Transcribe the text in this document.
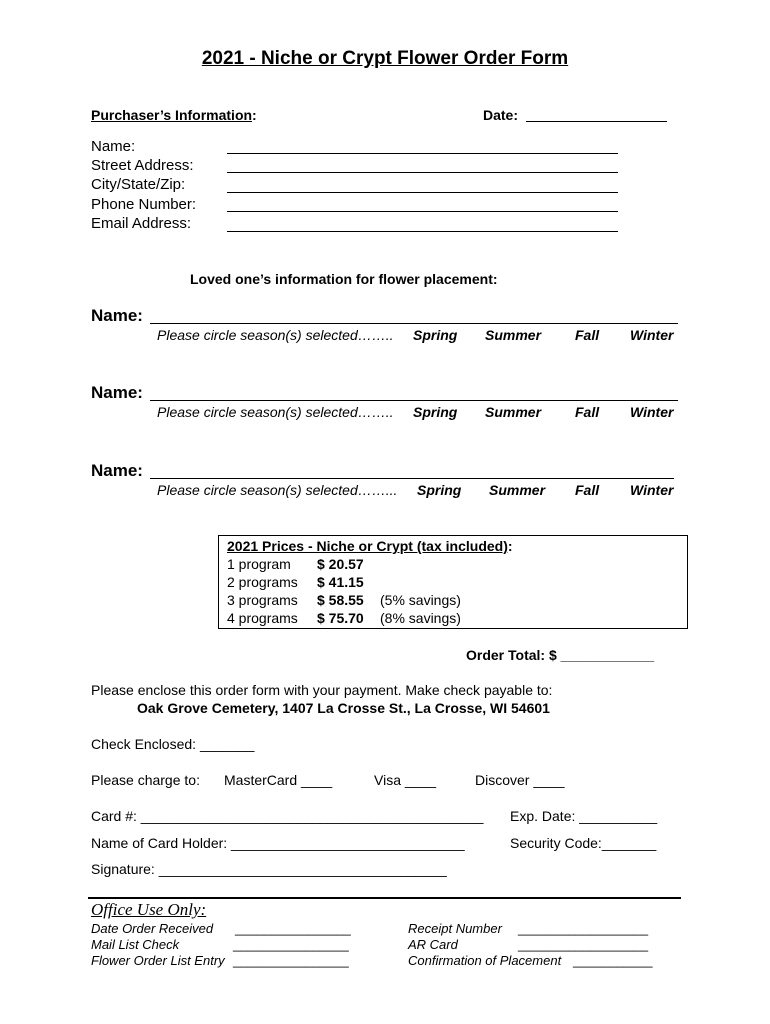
2021 - Niche or Crypt Flower Order Form
Purchaser’s Information:	Date:
Name:
Street Address:
City/State/Zip:
Phone Number:
Email Address:
Loved one’s information for flower placement:
Name:
Please circle season(s) selected…….. Spring Summer Fall Winter
Name:
Please circle season(s) selected…….. Spring Summer Fall Winter
Name:
Please circle season(s) selected……... Spring Summer Fall Winter
2021 Prices - Niche or Crypt (tax included):
1 program $ 20.57
2 programs $ 41.15
3 programs $ 58.55 (5% savings)
4 programs $ 75.70 (8% savings)
Order Total: $ ____________
Please enclose this order form with your payment. Make check payable to:
Oak Grove Cemetery, 1407 La Crosse St., La Crosse, WI 54601
Check Enclosed: _______
Please charge to: MasterCard ____	Visa ____	Discover ____
Card #: ____________________________________________ Exp. Date: __________
Name of Card Holder: ______________________________	Security Code:_______
Signature: _____________________________________
Office Use Only:
Date Order Received ________________
Mail List Check	________________
Flower Order List Entry ________________
Receipt Number __________________
AR Card	__________________
Confirmation of Placement ___________
